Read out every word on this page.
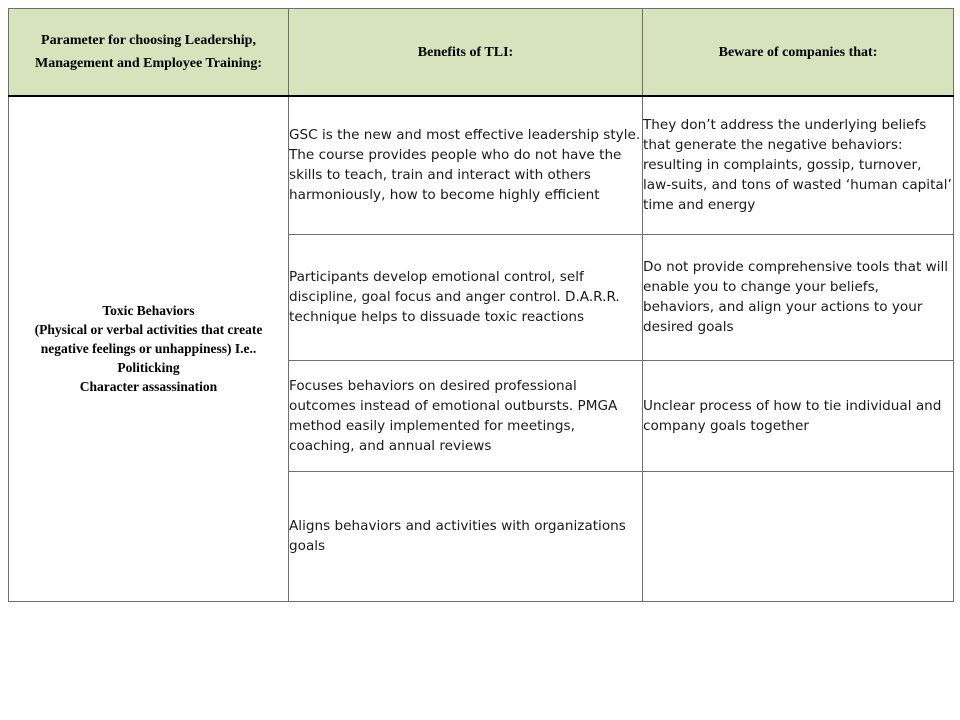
Parameter for choosing Leadership,
Management and Employee Training:	Benefits of TLI:	Beware of companies that:

Toxic Behaviors
(Physical or verbal activities that create
negative feelings or unhappiness) I.e..
Politicking
Character assassination	GSC is the new and most effective leadership style. The course provides people who do not have the skills to teach, train and interact with others harmoniously, how to become highly efficient	They don’t address the underlying beliefs that generate the negative behaviors: resulting in complaints, gossip, turnover, law-suits, and tons of wasted ‘human capital’ time and energy
	Participants develop emotional control, self discipline, goal focus and anger control. D.A.R.R. technique helps to dissuade toxic reactions	Do not provide comprehensive tools that will enable you to change your beliefs, behaviors, and align your actions to your desired goals
	Focuses behaviors on desired professional outcomes instead of emotional outbursts. PMGA method easily implemented for meetings, coaching, and annual reviews	Unclear process of how to tie individual and company goals together
	Aligns behaviors and activities with organizations goals	
